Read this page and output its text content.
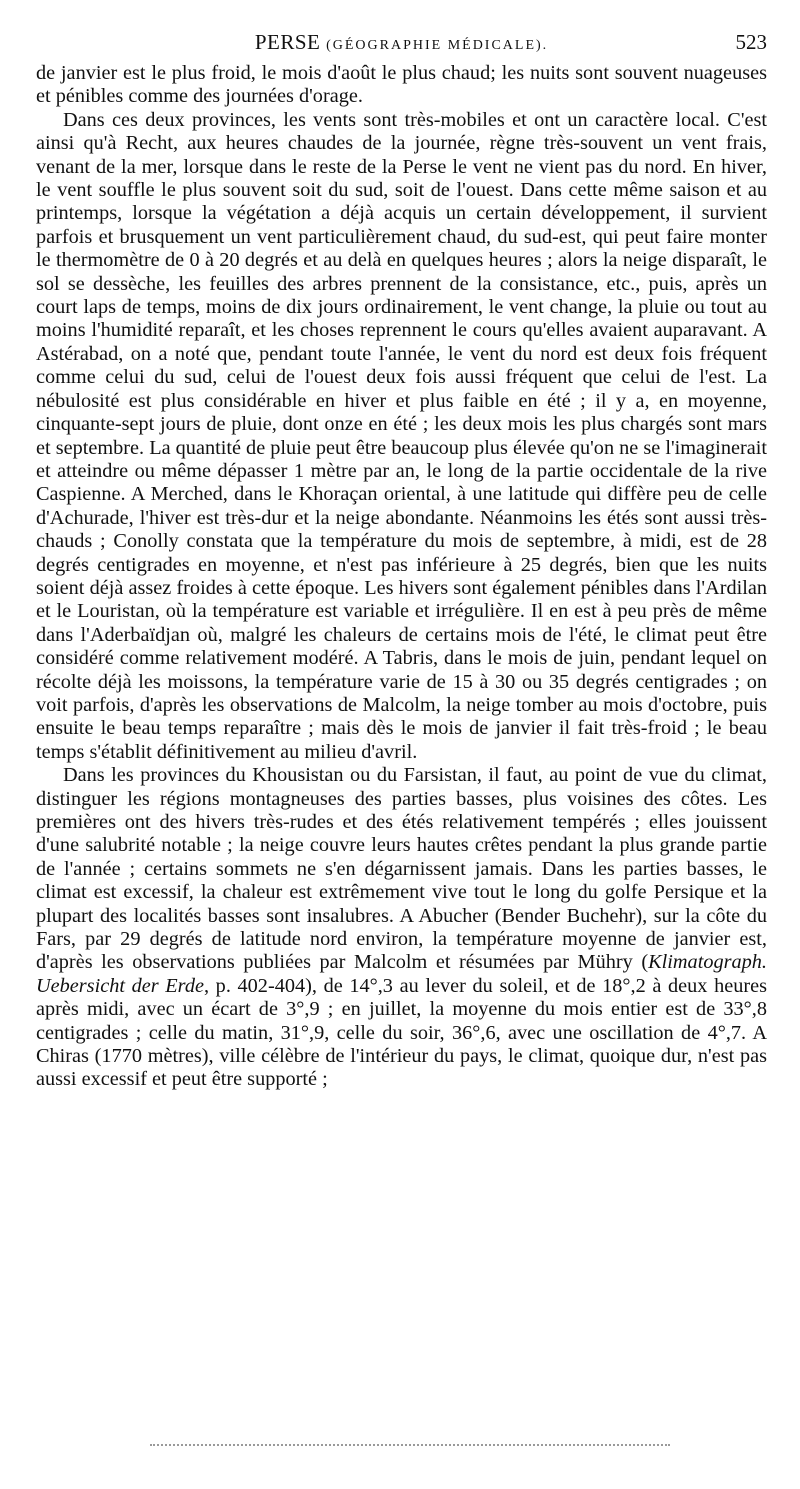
PERSE (GÉOGRAPHIE MÉDICALE).	523

de janvier est le plus froid, le mois d'août le plus chaud; les nuits sont souvent nuageuses et pénibles comme des journées d'orage.

Dans ces deux provinces, les vents sont très-mobiles et ont un caractère local. C'est ainsi qu'à Recht, aux heures chaudes de la journée, règne très-souvent un vent frais, venant de la mer, lorsque dans le reste de la Perse le vent ne vient pas du nord. En hiver, le vent souffle le plus souvent soit du sud, soit de l'ouest. Dans cette même saison et au printemps, lorsque la végétation a déjà acquis un certain développement, il survient parfois et brusquement un vent particulièrement chaud, du sud-est, qui peut faire monter le thermomètre de 0 à 20 degrés et au delà en quelques heures ; alors la neige disparaît, le sol se dessèche, les feuilles des arbres prennent de la consistance, etc., puis, après un court laps de temps, moins de dix jours ordinairement, le vent change, la pluie ou tout au moins l'humidité reparaît, et les choses reprennent le cours qu'elles avaient auparavant. A Astérabad, on a noté que, pendant toute l'année, le vent du nord est deux fois fréquent comme celui du sud, celui de l'ouest deux fois aussi fréquent que celui de l'est. La nébulosité est plus considérable en hiver et plus faible en été ; il y a, en moyenne, cinquante-sept jours de pluie, dont onze en été ; les deux mois les plus chargés sont mars et septembre. La quantité de pluie peut être beaucoup plus élevée qu'on ne se l'imaginerait et atteindre ou même dépasser 1 mètre par an, le long de la partie occidentale de la rive Caspienne. A Merched, dans le Khoraçan oriental, à une latitude qui diffère peu de celle d'Achurade, l'hiver est très-dur et la neige abondante. Néanmoins les étés sont aussi très-chauds ; Conolly constata que la température du mois de septembre, à midi, est de 28 degrés centigrades en moyenne, et n'est pas inférieure à 25 degrés, bien que les nuits soient déjà assez froides à cette époque. Les hivers sont également pénibles dans l'Ardilan et le Louristan, où la température est variable et irrégulière. Il en est à peu près de même dans l'Aderbaïdjan où, malgré les chaleurs de certains mois de l'été, le climat peut être considéré comme relativement modéré. A Tabris, dans le mois de juin, pendant lequel on récolte déjà les moissons, la température varie de 15 à 30 ou 35 degrés centigrades ; on voit parfois, d'après les observations de Malcolm, la neige tomber au mois d'octobre, puis ensuite le beau temps reparaître ; mais dès le mois de janvier il fait très-froid ; le beau temps s'établit définitivement au milieu d'avril.

Dans les provinces du Khousistan ou du Farsistan, il faut, au point de vue du climat, distinguer les régions montagneuses des parties basses, plus voisines des côtes. Les premières ont des hivers très-rudes et des étés relativement tempérés ; elles jouissent d'une salubrité notable ; la neige couvre leurs hautes crêtes pendant la plus grande partie de l'année ; certains sommets ne s'en dégarnissent jamais. Dans les parties basses, le climat est excessif, la chaleur est extrêmement vive tout le long du golfe Persique et la plupart des localités basses sont insalubres. A Abucher (Bender Buchehr), sur la côte du Fars, par 29 degrés de latitude nord environ, la température moyenne de janvier est, d'après les observations publiées par Malcolm et résumées par Mühry (Klimatograph. Uebersicht der Erde, p. 402-404), de 14°,3 au lever du soleil, et de 18°,2 à deux heures après midi, avec un écart de 3°,9 ; en juillet, la moyenne du mois entier est de 33°,8 centigrades ; celle du matin, 31°,9, celle du soir, 36°,6, avec une oscillation de 4°,7. A Chiras (1770 mètres), ville célèbre de l'intérieur du pays, le climat, quoique dur, n'est pas aussi excessif et peut être supporté ;
